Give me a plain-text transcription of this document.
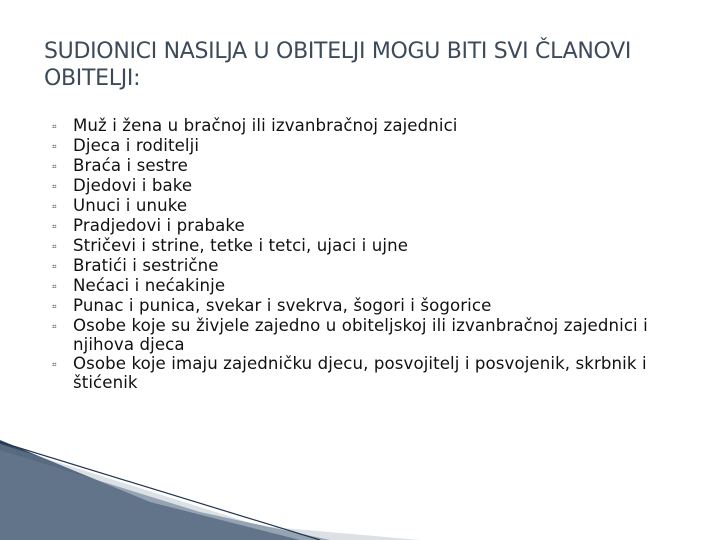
SUDIONICI NASILJA U OBITELJI MOGU BITI SVI ČLANOVI OBITELJI:
⌗ Muž i žena u bračnoj ili izvanbračnoj zajednici
⌗ Djeca i roditelji
⌗ Braća i sestre
⌗ Djedovi i bake
⌗ Unuci i unuke
⌗ Pradjedovi i prabake
⌗ Stričevi i strine, tetke i tetci, ujaci i ujne
⌗ Bratići i sestrične
⌗ Nećaci i nećakinje
⌗ Punac i punica, svekar i svekrva, šogori i šogorice
⌗ Osobe koje su živjele zajedno u obiteljskoj ili izvanbračnoj zajednici i njihova djeca
⌗ Osobe koje imaju zajedničku djecu, posvojitelj i posvojenik, skrbnik i štićenik
